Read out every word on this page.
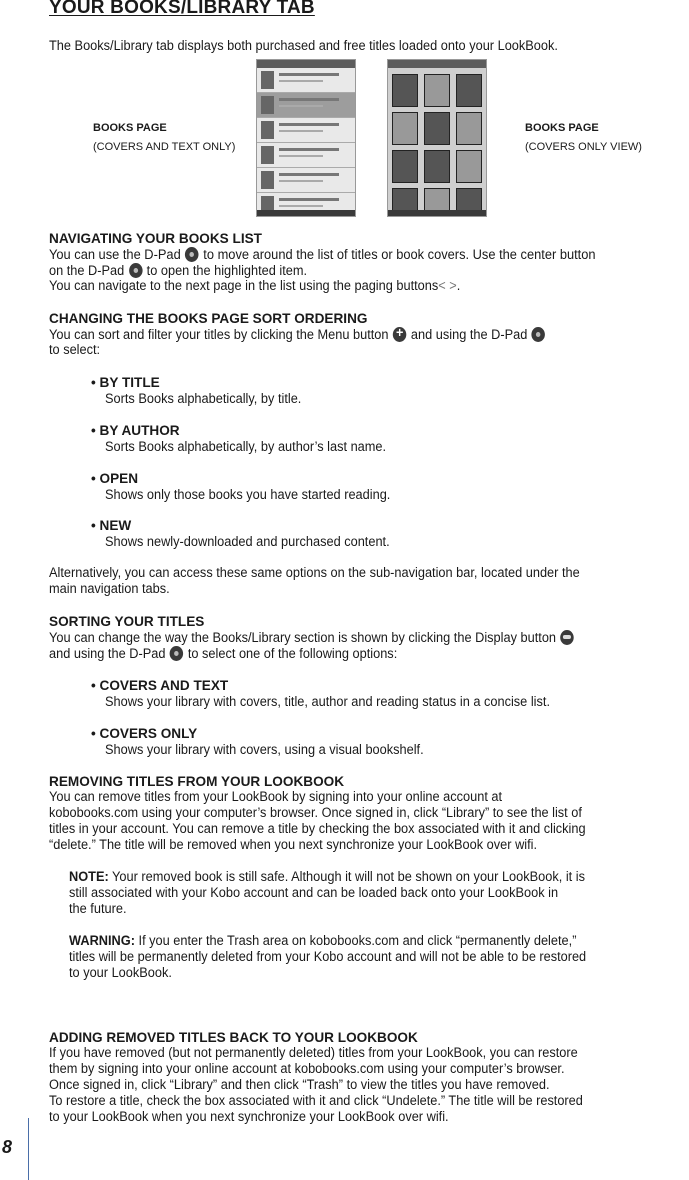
YOUR BOOKS/LIBRARY TAB
The Books/Library tab displays both purchased and free titles loaded onto your LookBook.
BOOKS PAGE
(COVERS AND TEXT ONLY)
BOOKS PAGE
(COVERS ONLY VIEW)
NAVIGATING YOUR BOOKS LIST
You can use the D-Pad to move around the list of titles or book covers. Use the center button
on the D-Pad to open the highlighted item.
You can navigate to the next page in the list using the paging buttons< >.
CHANGING THE BOOKS PAGE SORT ORDERING
You can sort and filter your titles by clicking the Menu button + and using the D-Pad
to select:
• BY TITLE
Sorts Books alphabetically, by title.
• BY AUTHOR
Sorts Books alphabetically, by author’s last name.
• OPEN
Shows only those books you have started reading.
• NEW
Shows newly-downloaded and purchased content.
Alternatively, you can access these same options on the sub-navigation bar, located under the
main navigation tabs.
SORTING YOUR TITLES
You can change the way the Books/Library section is shown by clicking the Display button
and using the D-Pad to select one of the following options:
• COVERS AND TEXT
Shows your library with covers, title, author and reading status in a concise list.
• COVERS ONLY
Shows your library with covers, using a visual bookshelf.
REMOVING TITLES FROM YOUR LOOKBOOK
You can remove titles from your LookBook by signing into your online account at
kobobooks.com using your computer’s browser. Once signed in, click “Library” to see the list of
titles in your account. You can remove a title by checking the box associated with it and clicking
“delete.” The title will be removed when you next synchronize your LookBook over wifi.
NOTE: Your removed book is still safe. Although it will not be shown on your LookBook, it is
still associated with your Kobo account and can be loaded back onto your LookBook in
the future.
WARNING: If you enter the Trash area on kobobooks.com and click “permanently delete,”
titles will be permanently deleted from your Kobo account and will not be able to be restored
to your LookBook.
ADDING REMOVED TITLES BACK TO YOUR LOOKBOOK
If you have removed (but not permanently deleted) titles from your LookBook, you can restore
them by signing into your online account at kobobooks.com using your computer’s browser.
Once signed in, click “Library” and then click “Trash” to view the titles you have removed.
To restore a title, check the box associated with it and click “Undelete.” The title will be restored
to your LookBook when you next synchronize your LookBook over wifi.
8
